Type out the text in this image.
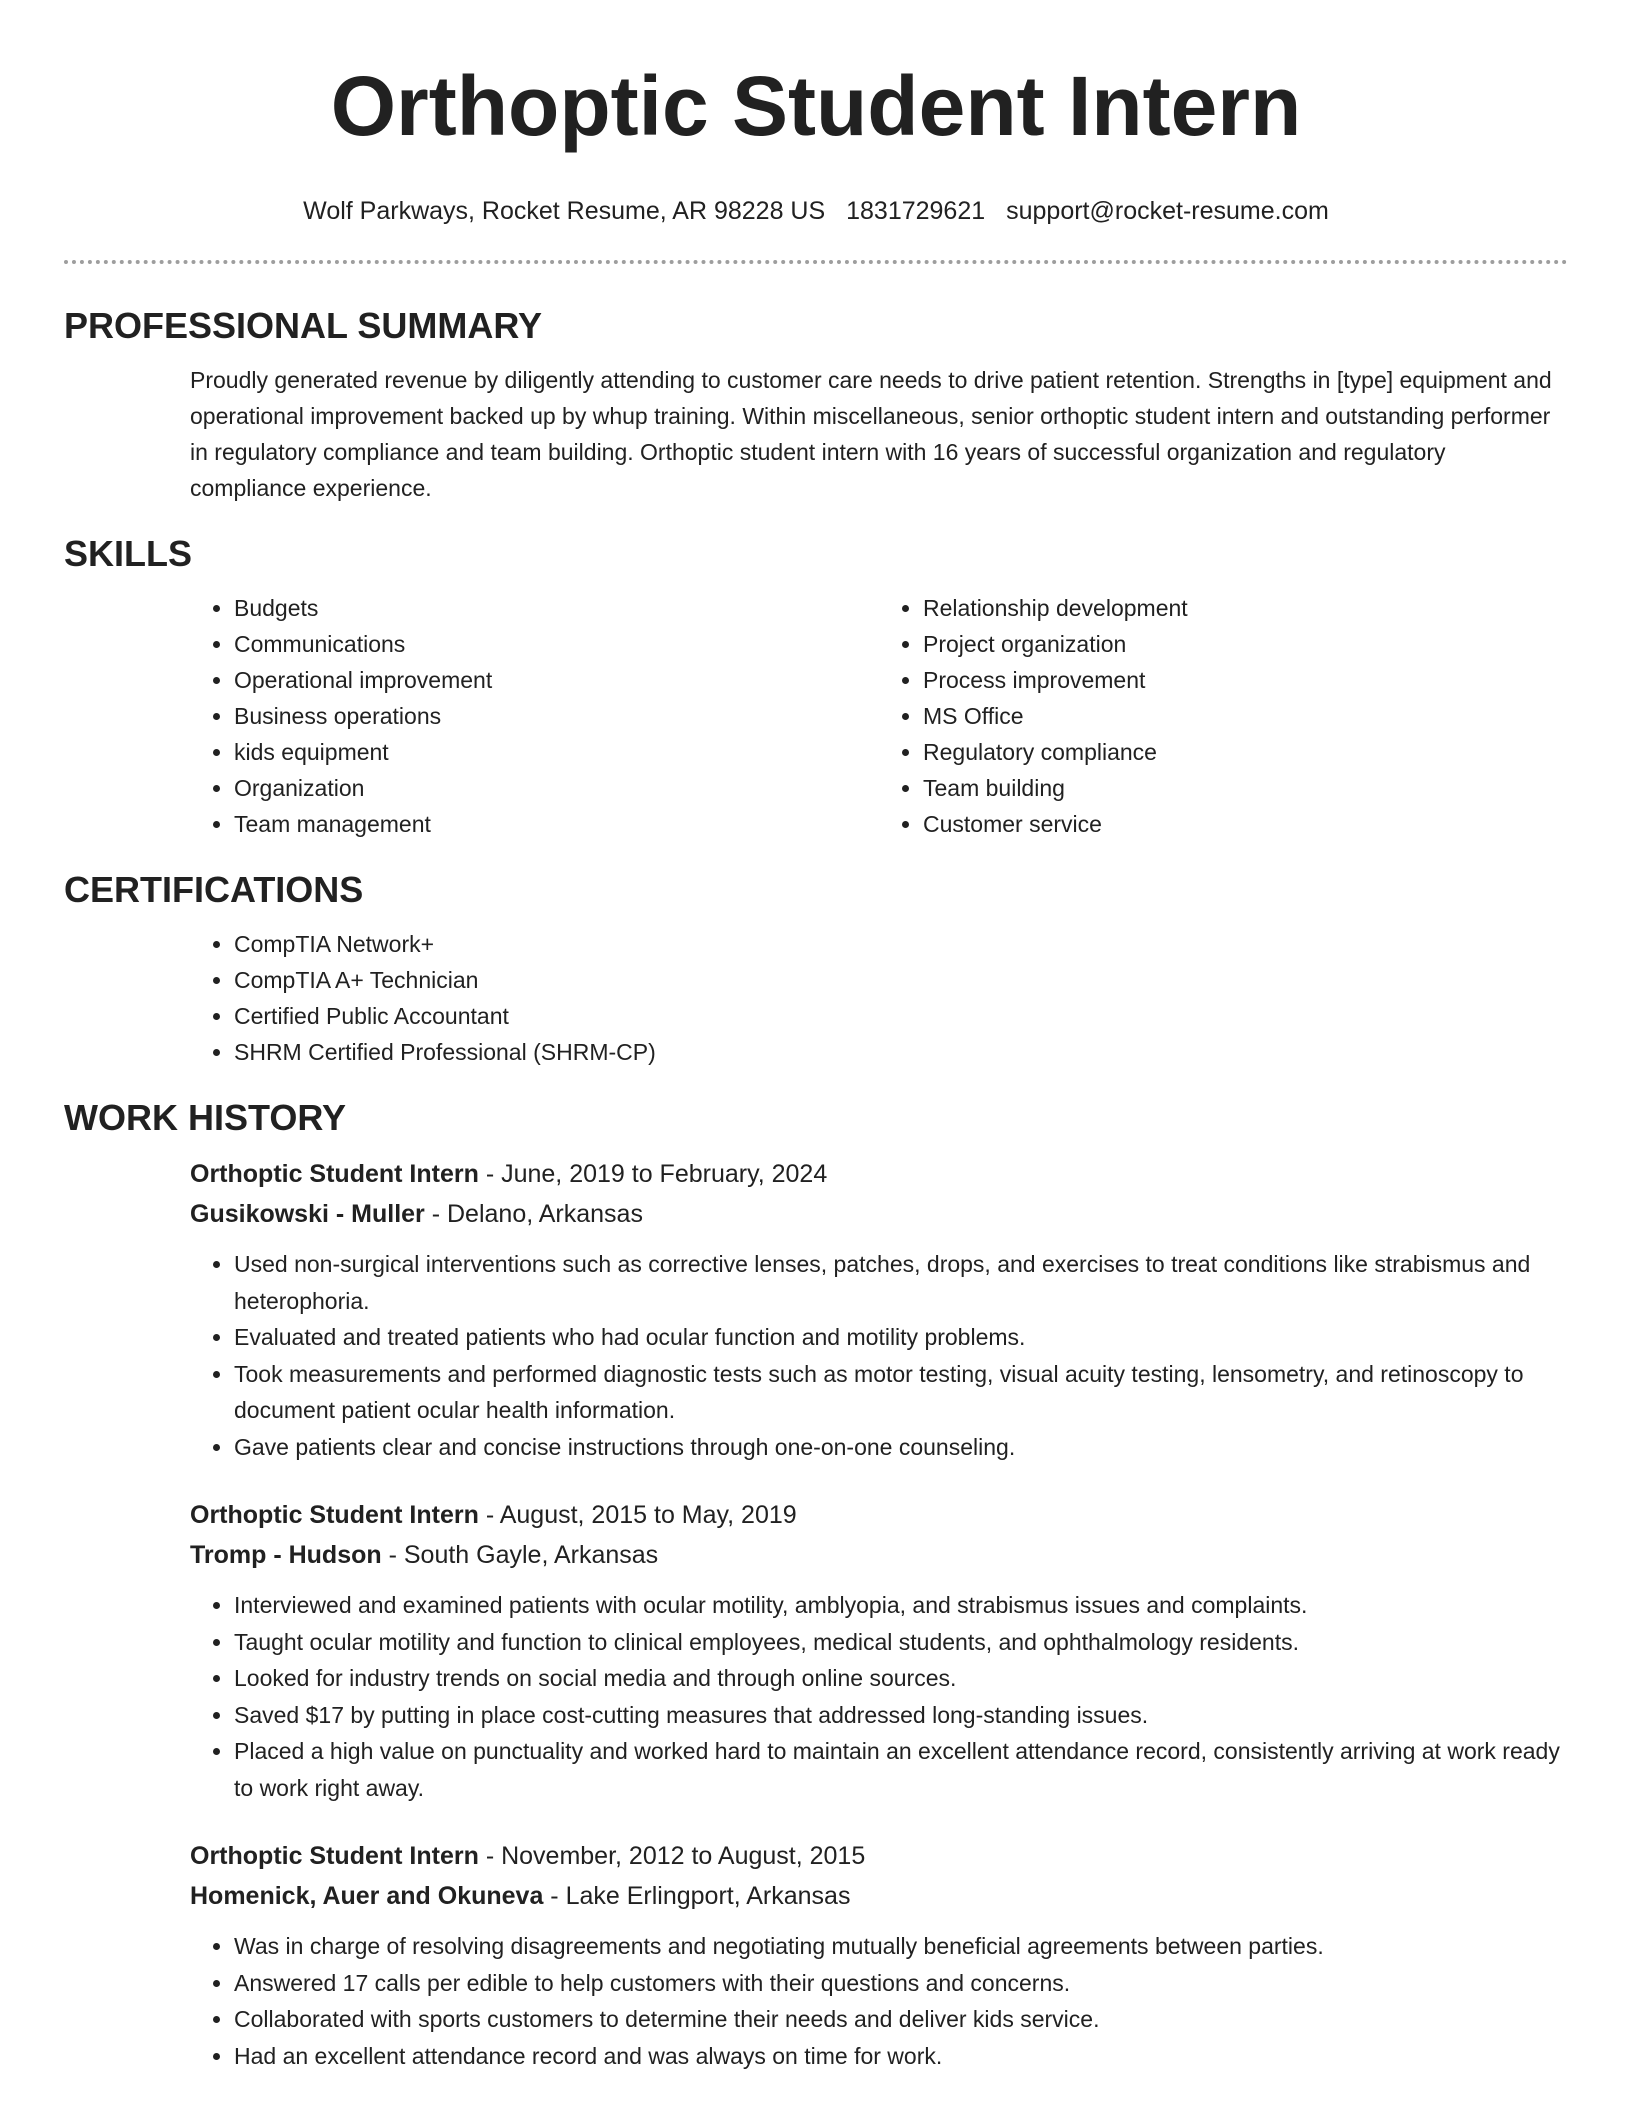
Orthoptic Student Intern
Wolf Parkways, Rocket Resume, AR 98228 US 1831729621 support@rocket-resume.com
PROFESSIONAL SUMMARY

Proudly generated revenue by diligently attending to customer care needs to drive patient retention. Strengths in [type] equipment and operational improvement backed up by whup training. Within miscellaneous, senior orthoptic student intern and outstanding performer in regulatory compliance and team building. Orthoptic student intern with 16 years of successful organization and regulatory compliance experience.

SKILLS
• Budgets
• Communications
• Operational improvement
• Business operations
• kids equipment
• Organization
• Team management
• Relationship development
• Project organization
• Process improvement
• MS Office
• Regulatory compliance
• Team building
• Customer service
CERTIFICATIONS
• CompTIA Network+
• CompTIA A+ Technician
• Certified Public Accountant
• SHRM Certified Professional (SHRM-CP)
WORK HISTORY
Orthoptic Student Intern - June, 2019 to February, 2024
Gusikowski - Muller - Delano, Arkansas
• Used non-surgical interventions such as corrective lenses, patches, drops, and exercises to treat conditions like strabismus and heterophoria.
• Evaluated and treated patients who had ocular function and motility problems.
• Took measurements and performed diagnostic tests such as motor testing, visual acuity testing, lensometry, and retinoscopy to document patient ocular health information.
• Gave patients clear and concise instructions through one-on-one counseling.
Orthoptic Student Intern - August, 2015 to May, 2019
Tromp - Hudson - South Gayle, Arkansas
• Interviewed and examined patients with ocular motility, amblyopia, and strabismus issues and complaints.
• Taught ocular motility and function to clinical employees, medical students, and ophthalmology residents.
• Looked for industry trends on social media and through online sources.
• Saved $17 by putting in place cost-cutting measures that addressed long-standing issues.
• Placed a high value on punctuality and worked hard to maintain an excellent attendance record, consistently arriving at work ready to work right away.
Orthoptic Student Intern - November, 2012 to August, 2015
Homenick, Auer and Okuneva - Lake Erlingport, Arkansas
• Was in charge of resolving disagreements and negotiating mutually beneficial agreements between parties.
• Answered 17 calls per edible to help customers with their questions and concerns.
• Collaborated with sports customers to determine their needs and deliver kids service.
• Had an excellent attendance record and was always on time for work.
